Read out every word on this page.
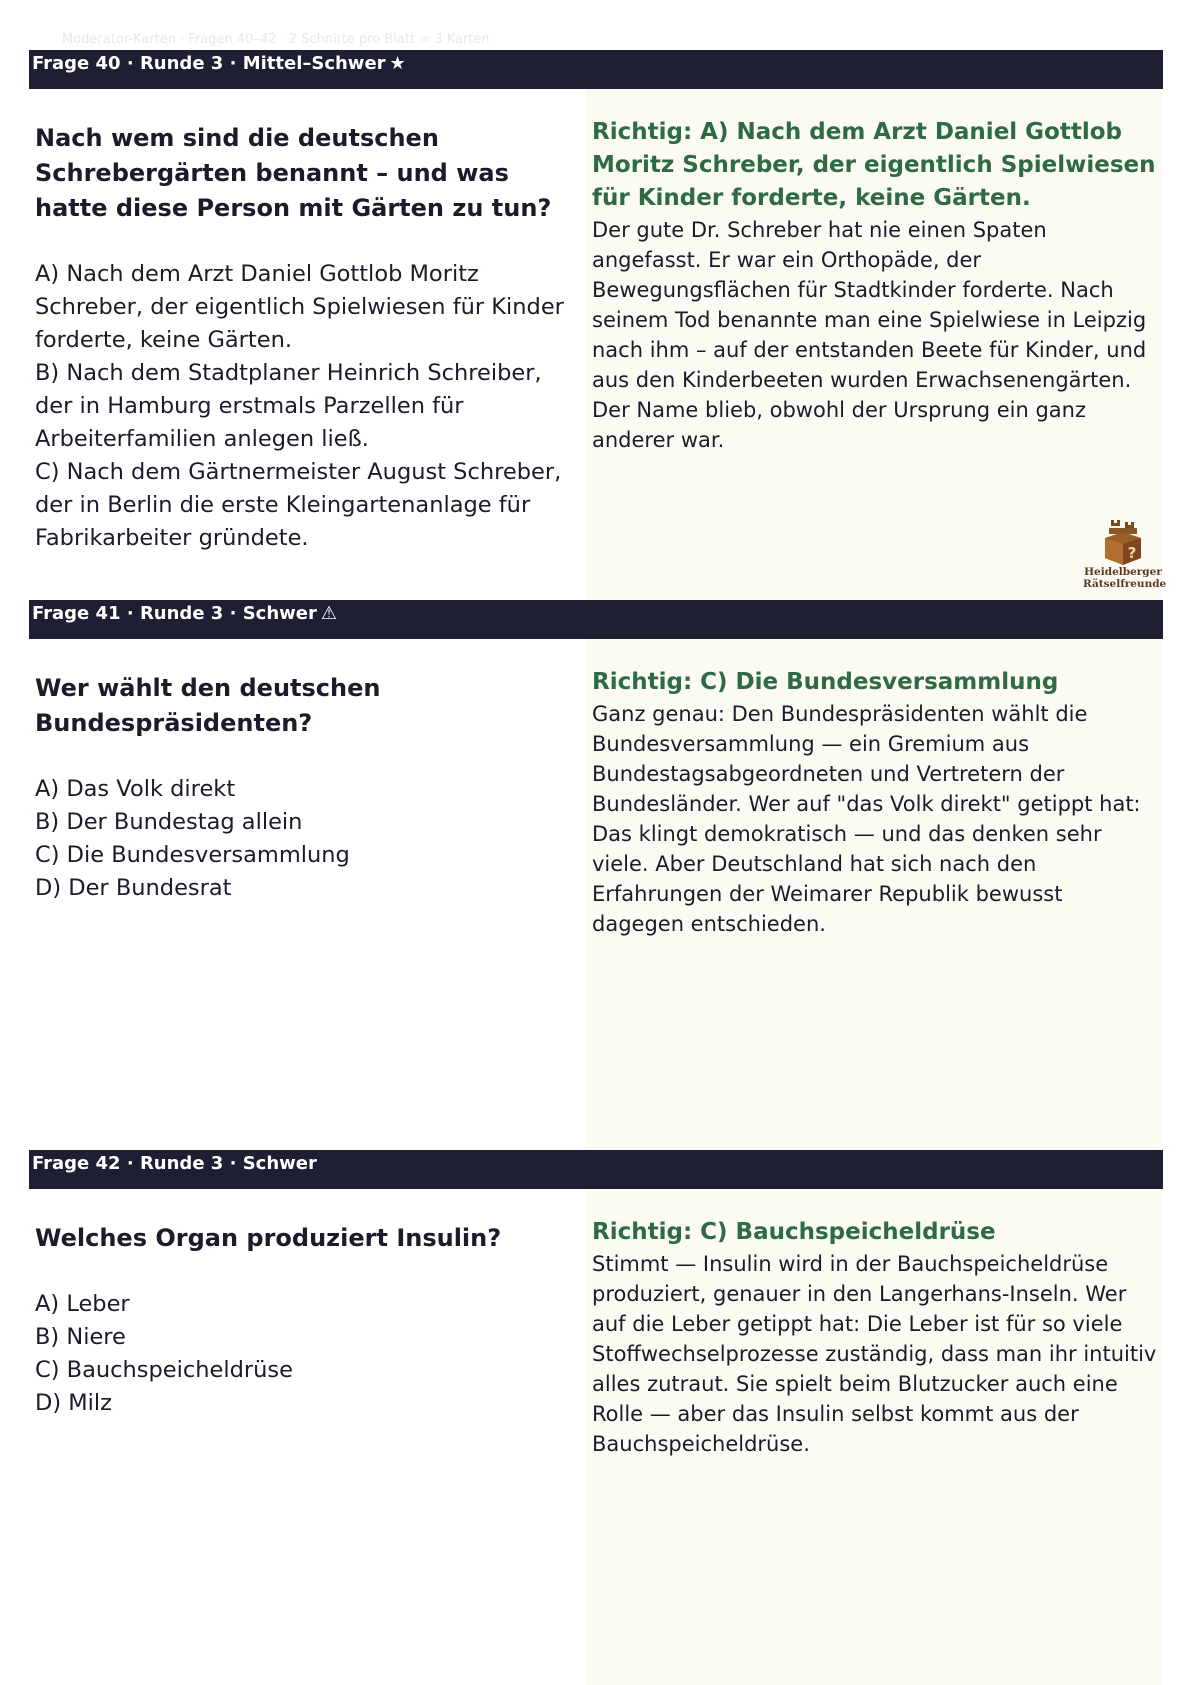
Moderator-Karten · Fragen 40–42 · 2 Schnitte pro Blatt = 3 Karten
Frage 40 · Runde 3 · Mittel–Schwer ★
Nach wem sind die deutschen Schrebergärten benannt – und was hatte diese Person mit Gärten zu tun?
A) Nach dem Arzt Daniel Gottlob Moritz Schreber, der eigentlich Spielwiesen für Kinder forderte, keine Gärten.
B) Nach dem Stadtplaner Heinrich Schreiber, der in Hamburg erstmals Parzellen für Arbeiterfamilien anlegen ließ.
C) Nach dem Gärtnermeister August Schreber, der in Berlin die erste Kleingartenanlage für Fabrikarbeiter gründete.
Richtig: A) Nach dem Arzt Daniel Gottlob Moritz Schreber, der eigentlich Spielwiesen für Kinder forderte, keine Gärten.
Der gute Dr. Schreber hat nie einen Spaten angefasst. Er war ein Orthopäde, der Bewegungsflächen für Stadtkinder forderte. Nach seinem Tod benannte man eine Spielwiese in Leipzig nach ihm – auf der entstanden Beete für Kinder, und aus den Kinderbeeten wurden Erwachsenengärten. Der Name blieb, obwohl der Ursprung ein ganz anderer war.
?
Heidelberger
Rätselfreunde
Frage 41 · Runde 3 · Schwer ⚠
Wer wählt den deutschen Bundespräsidenten?
A) Das Volk direkt
B) Der Bundestag allein
C) Die Bundesversammlung
D) Der Bundesrat
Richtig: C) Die Bundesversammlung
Ganz genau: Den Bundespräsidenten wählt die Bundesversammlung — ein Gremium aus Bundestagsabgeordneten und Vertretern der Bundesländer. Wer auf "das Volk direkt" getippt hat: Das klingt demokratisch — und das denken sehr viele. Aber Deutschland hat sich nach den Erfahrungen der Weimarer Republik bewusst dagegen entschieden.
Frage 42 · Runde 3 · Schwer
Welches Organ produziert Insulin?
A) Leber
B) Niere
C) Bauchspeicheldrüse
D) Milz
Richtig: C) Bauchspeicheldrüse
Stimmt — Insulin wird in der Bauchspeicheldrüse produziert, genauer in den Langerhans-Inseln. Wer auf die Leber getippt hat: Die Leber ist für so viele Stoffwechselprozesse zuständig, dass man ihr intuitiv alles zutraut. Sie spielt beim Blutzucker auch eine Rolle — aber das Insulin selbst kommt aus der Bauchspeicheldrüse.
